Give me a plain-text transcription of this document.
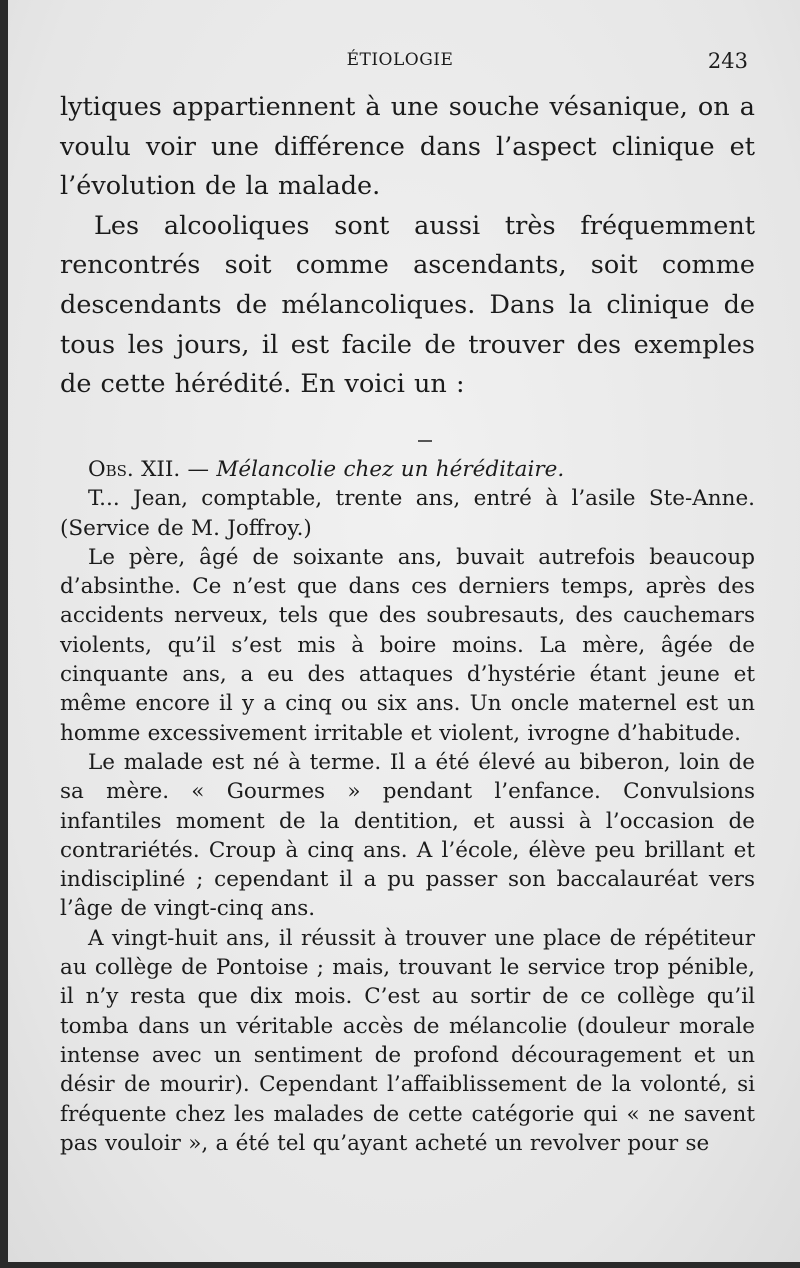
ÉTIOLOGIE	243

lytiques appartiennent à une souche vésanique, on a voulu voir une différence dans l’aspect clinique et l’évolution de la malade.

Les alcooliques sont aussi très fréquemment rencontrés soit comme ascendants, soit comme descendants de mélancoliques. Dans la clinique de tous les jours, il est facile de trouver des exemples de cette hérédité. En voici un :

Obs. XII. — Mélancolie chez un héréditaire.

T... Jean, comptable, trente ans, entré à l’asile Ste-Anne. (Service de M. Joffroy.)

Le père, âgé de soixante ans, buvait autrefois beaucoup d’absinthe. Ce n’est que dans ces derniers temps, après des accidents nerveux, tels que des soubresauts, des cauchemars violents, qu’il s’est mis à boire moins. La mère, âgée de cinquante ans, a eu des attaques d’hystérie étant jeune et même encore il y a cinq ou six ans. Un oncle maternel est un homme excessivement irritable et violent, ivrogne d’habitude.

Le malade est né à terme. Il a été élevé au biberon, loin de sa mère. « Gourmes » pendant l’enfance. Convulsions infantiles moment de la dentition, et aussi à l’occasion de contrariétés. Croup à cinq ans. A l’école, élève peu brillant et indiscipliné ; cependant il a pu passer son baccalauréat vers l’âge de vingt-cinq ans.

A vingt-huit ans, il réussit à trouver une place de répétiteur au collège de Pontoise ; mais, trouvant le service trop pénible, il n’y resta que dix mois. C’est au sortir de ce collège qu’il tomba dans un véritable accès de mélancolie (douleur morale intense avec un sentiment de profond découragement et un désir de mourir). Cependant l’affaiblissement de la volonté, si fréquente chez les malades de cette catégorie qui « ne savent pas vouloir », a été tel qu’ayant acheté un revolver pour se
